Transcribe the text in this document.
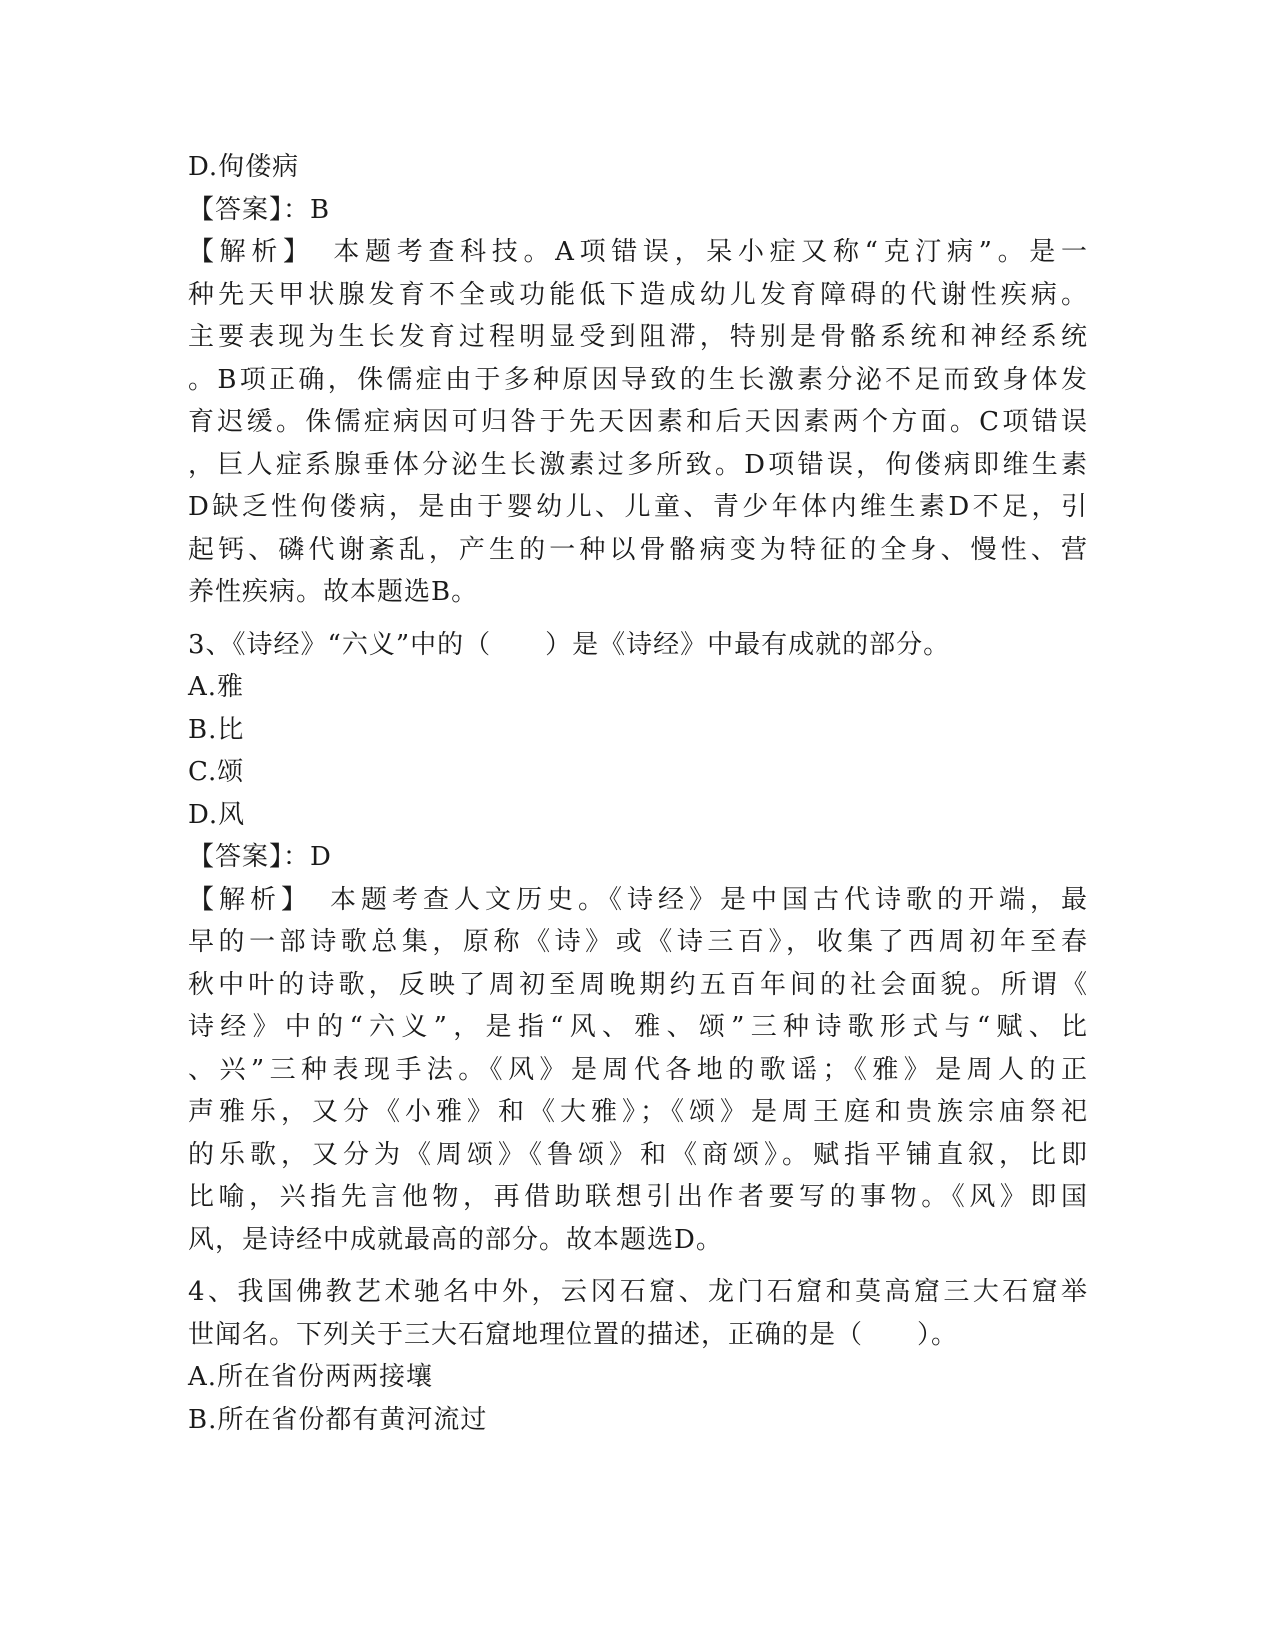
D.佝偻病
【答案】：B
【解析】　本题考查科技。A项错误，呆小症又称“克汀病”。是一
种先天甲状腺发育不全或功能低下造成幼儿发育障碍的代谢性疾病。
主要表现为生长发育过程明显受到阻滞，特别是骨骼系统和神经系统
。B项正确，侏儒症由于多种原因导致的生长激素分泌不足而致身体发
育迟缓。侏儒症病因可归咎于先天因素和后天因素两个方面。C项错误
，巨人症系腺垂体分泌生长激素过多所致。D项错误，佝偻病即维生素
D缺乏性佝偻病，是由于婴幼儿、儿童、青少年体内维生素D不足，引
起钙、磷代谢紊乱，产生的一种以骨骼病变为特征的全身、慢性、营
养性疾病。故本题选B。
3、《诗经》“六义”中的（　　）是《诗经》中最有成就的部分。
A.雅
B.比
C.颂
D.风
【答案】：D
【解析】　本题考查人文历史。《诗经》是中国古代诗歌的开端，最
早的一部诗歌总集，原称《诗》或《诗三百》，收集了西周初年至春
秋中叶的诗歌，反映了周初至周晚期约五百年间的社会面貌。所谓《
诗经》中的“六义”，是指“风、雅、颂”三种诗歌形式与“赋、比
、兴”三种表现手法。《风》是周代各地的歌谣；《雅》是周人的正
声雅乐，又分《小雅》和《大雅》；《颂》是周王庭和贵族宗庙祭祀
的乐歌，又分为《周颂》《鲁颂》和《商颂》。赋指平铺直叙，比即
比喻，兴指先言他物，再借助联想引出作者要写的事物。《风》即国
风，是诗经中成就最高的部分。故本题选D。
4、我国佛教艺术驰名中外，云冈石窟、龙门石窟和莫高窟三大石窟举
世闻名。下列关于三大石窟地理位置的描述，正确的是（　　）。
A.所在省份两两接壤
B.所在省份都有黄河流过
